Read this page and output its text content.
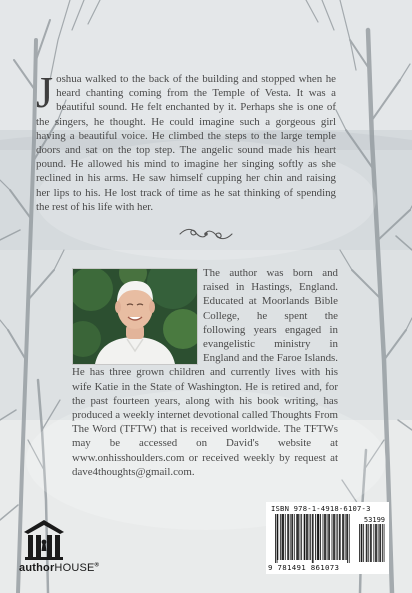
J oshua walked to the back of the building and stopped when he heard chanting coming from the Temple of Vesta. It was a beautiful sound. He felt enchanted by it. Perhaps she is one of the singers, he thought. He could imagine such a gorgeous girl having a beautiful voice. He climbed the steps to the large temple doors and sat on the top step. The angelic sound made his heart pound. He allowed his mind to imagine her singing softly as she reclined in his arms. He saw himself cupping her chin and raising her lips to his. He lost track of time as he sat thinking of spending the rest of his life with her.
The author was born and raised in Hastings, England. Educated at Moorlands Bible College, he spent the following years engaged in evangelistic ministry in England and the Faroe Islands. He has three grown children and currently lives with his wife Katie in the State of Washington. He is retired and, for the past fourteen years, along with his book writing, has produced a weekly internet devotional called Thoughts From The Word (TFTW) that is received worldwide. The TFTWs may be accessed on David's website at www.onhisshoulders.com or received weekly by request at dave4thoughts@gmail.com.
authorHOUSE®
ISBN 978-1-4918-6107-3
53199
9 781491 861073
